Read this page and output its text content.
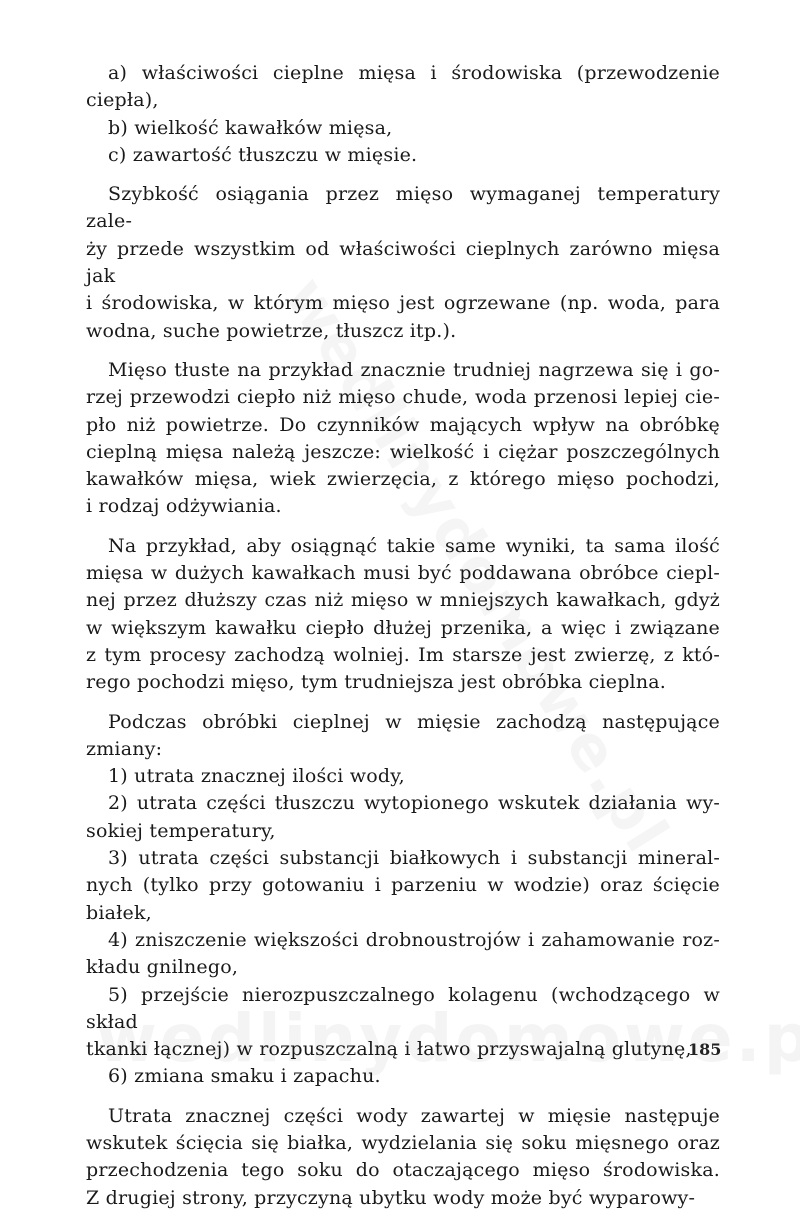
a) właściwości cieplne mięsa i środowiska (przewodzenie
ciepła),

b) wielkość kawałków mięsa,

c) zawartość tłuszczu w mięsie.

Szybkość osiągania przez mięso wymaganej temperatury zale-
ży przede wszystkim od właściwości cieplnych zarówno mięsa jak
i środowiska, w którym mięso jest ogrzewane (np. woda, para
wodna, suche powietrze, tłuszcz itp.).

Mięso tłuste na przykład znacznie trudniej nagrzewa się i go-
rzej przewodzi ciepło niż mięso chude, woda przenosi lepiej cie-
pło niż powietrze. Do czynników mających wpływ na obróbkę
cieplną mięsa należą jeszcze: wielkość i ciężar poszczególnych
kawałków mięsa, wiek zwierzęcia, z którego mięso pochodzi,
i rodzaj odżywiania.

Na przykład, aby osiągnąć takie same wyniki, ta sama ilość
mięsa w dużych kawałkach musi być poddawana obróbce ciepl-
nej przez dłuższy czas niż mięso w mniejszych kawałkach, gdyż
w większym kawałku ciepło dłużej przenika, a więc i związane
z tym procesy zachodzą wolniej. Im starsze jest zwierzę, z któ-
rego pochodzi mięso, tym trudniejsza jest obróbka cieplna.

Podczas obróbki cieplnej w mięsie zachodzą następujące
zmiany:

1) utrata znacznej ilości wody,

2) utrata części tłuszczu wytopionego wskutek działania wy-
sokiej temperatury,

3) utrata części substancji białkowych i substancji mineral-
nych (tylko przy gotowaniu i parzeniu w wodzie) oraz ścięcie
białek,

4) zniszczenie większości drobnoustrojów i zahamowanie roz-
kładu gnilnego,

5) przejście nierozpuszczalnego kolagenu (wchodzącego w skład
tkanki łącznej) w rozpuszczalną i łatwo przyswajalną glutynę,

6) zmiana smaku i zapachu.

Utrata znacznej części wody zawartej w mięsie następuje
wskutek ścięcia się białka, wydzielania się soku mięsnego oraz
przechodzenia tego soku do otaczającego mięso środowiska.
Z drugiej strony, przyczyną ubytku wody może być wyparowy-

185
